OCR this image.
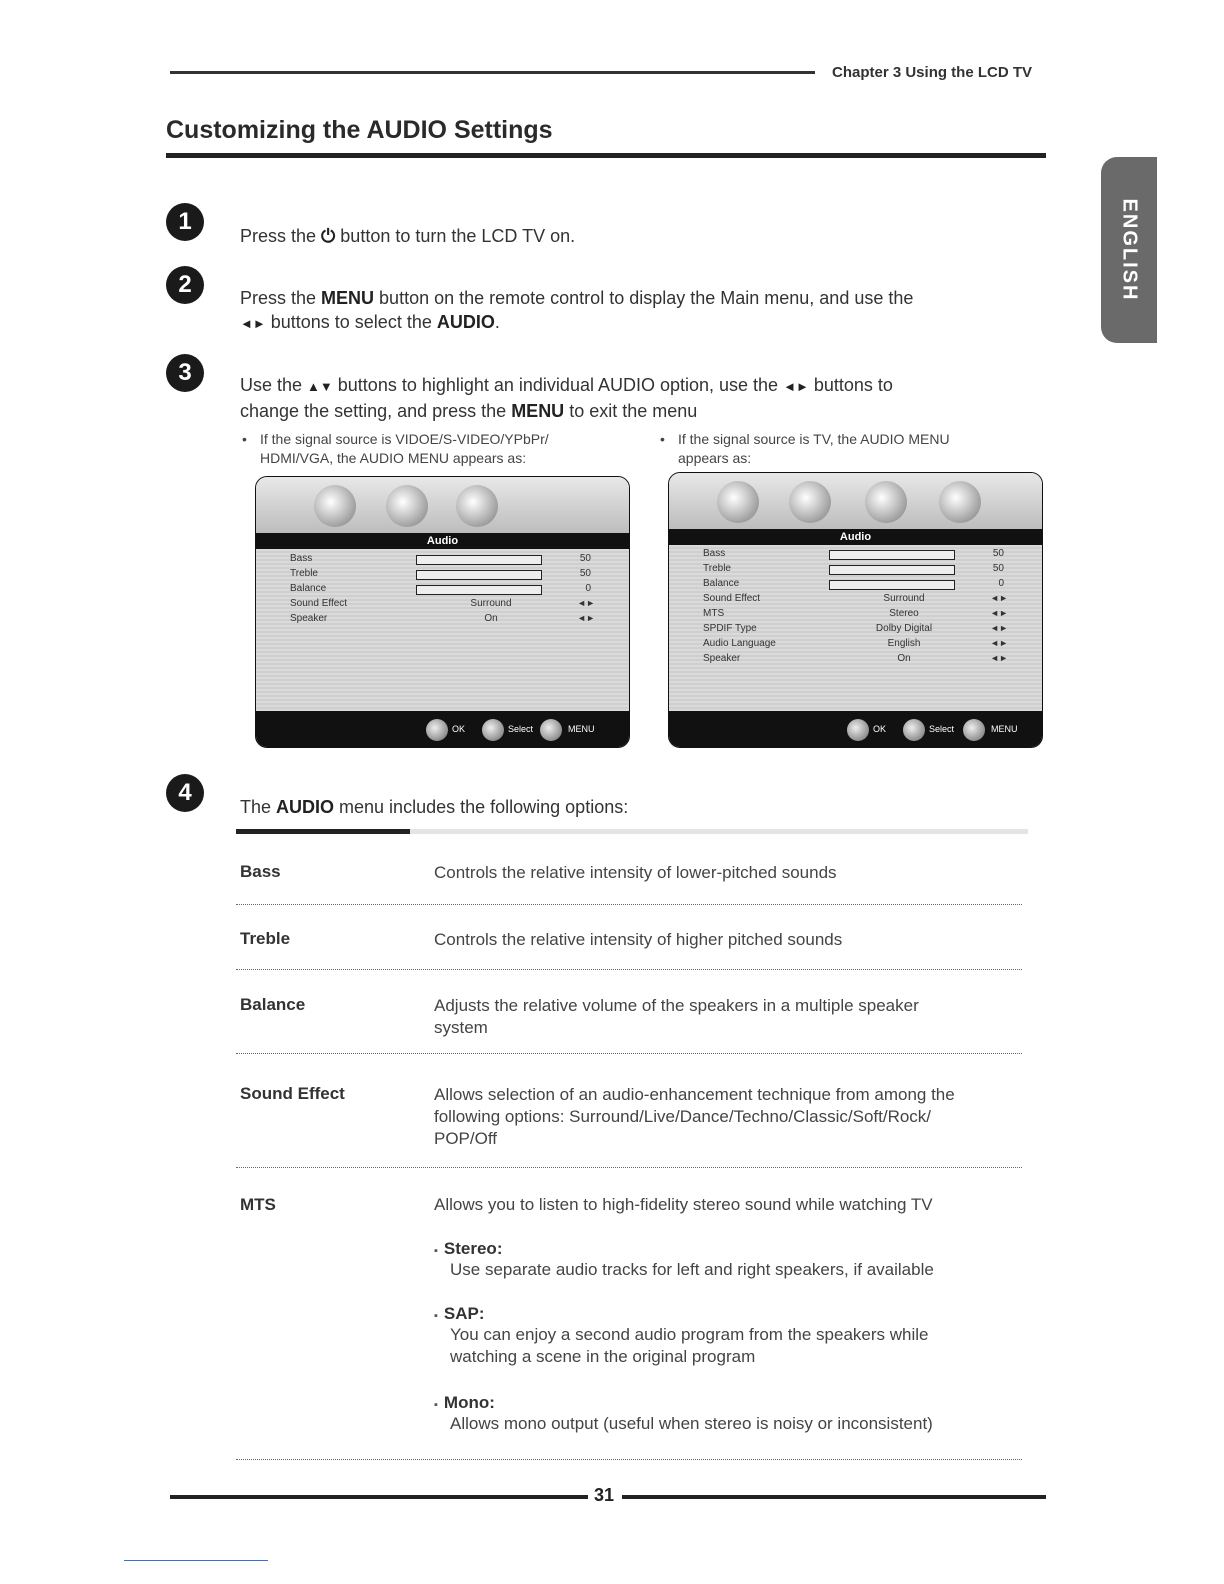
Chapter 3 Using the LCD TV
Customizing the AUDIO Settings
ENGLISH
1
Press the ⏻ button to turn the LCD TV on.
2	Press the MENU button on the remote control to display the Main menu, and use the
◄► buttons to select the AUDIO.
3	Use the ▲▼ buttons to highlight an individual AUDIO option, use the ◄► buttons to
change the setting, and press the MENU to exit the menu
• If the signal source is VIDOE/S-VIDEO/YPbPr/
HDMI/VGA, the AUDIO MENU appears as:
• If the signal source is TV, the AUDIO MENU
appears as:
Audio
Bass	50
Treble	50
Balance	0
Sound Effect	Surround	◄►
Speaker	On	◄►
OK	Select	MENU
Audio
Bass	50
Treble	50
Balance	0
Sound Effect	Surround	◄►
MTS	Stereo	◄►
SPDIF Type	Dolby Digital	◄►
Audio Language	English	◄►
Speaker	On	◄►
OK	Select	MENU
4
The AUDIO menu includes the following options:
Bass	Controls the relative intensity of lower-pitched sounds
Treble	Controls the relative intensity of higher pitched sounds
Balance	Adjusts the relative volume of the speakers in a multiple speaker
system
Sound Effect	Allows selection of an audio-enhancement technique from among the
following options: Surround/Live/Dance/Techno/Classic/Soft/Rock/
POP/Off
MTS	Allows you to listen to high-fidelity stereo sound while watching TV
▪ Stereo:
Use separate audio tracks for left and right speakers, if available
▪ SAP:
You can enjoy a second audio program from the speakers while
watching a scene in the original program
▪ Mono:
Allows mono output (useful when stereo is noisy or inconsistent)
31
